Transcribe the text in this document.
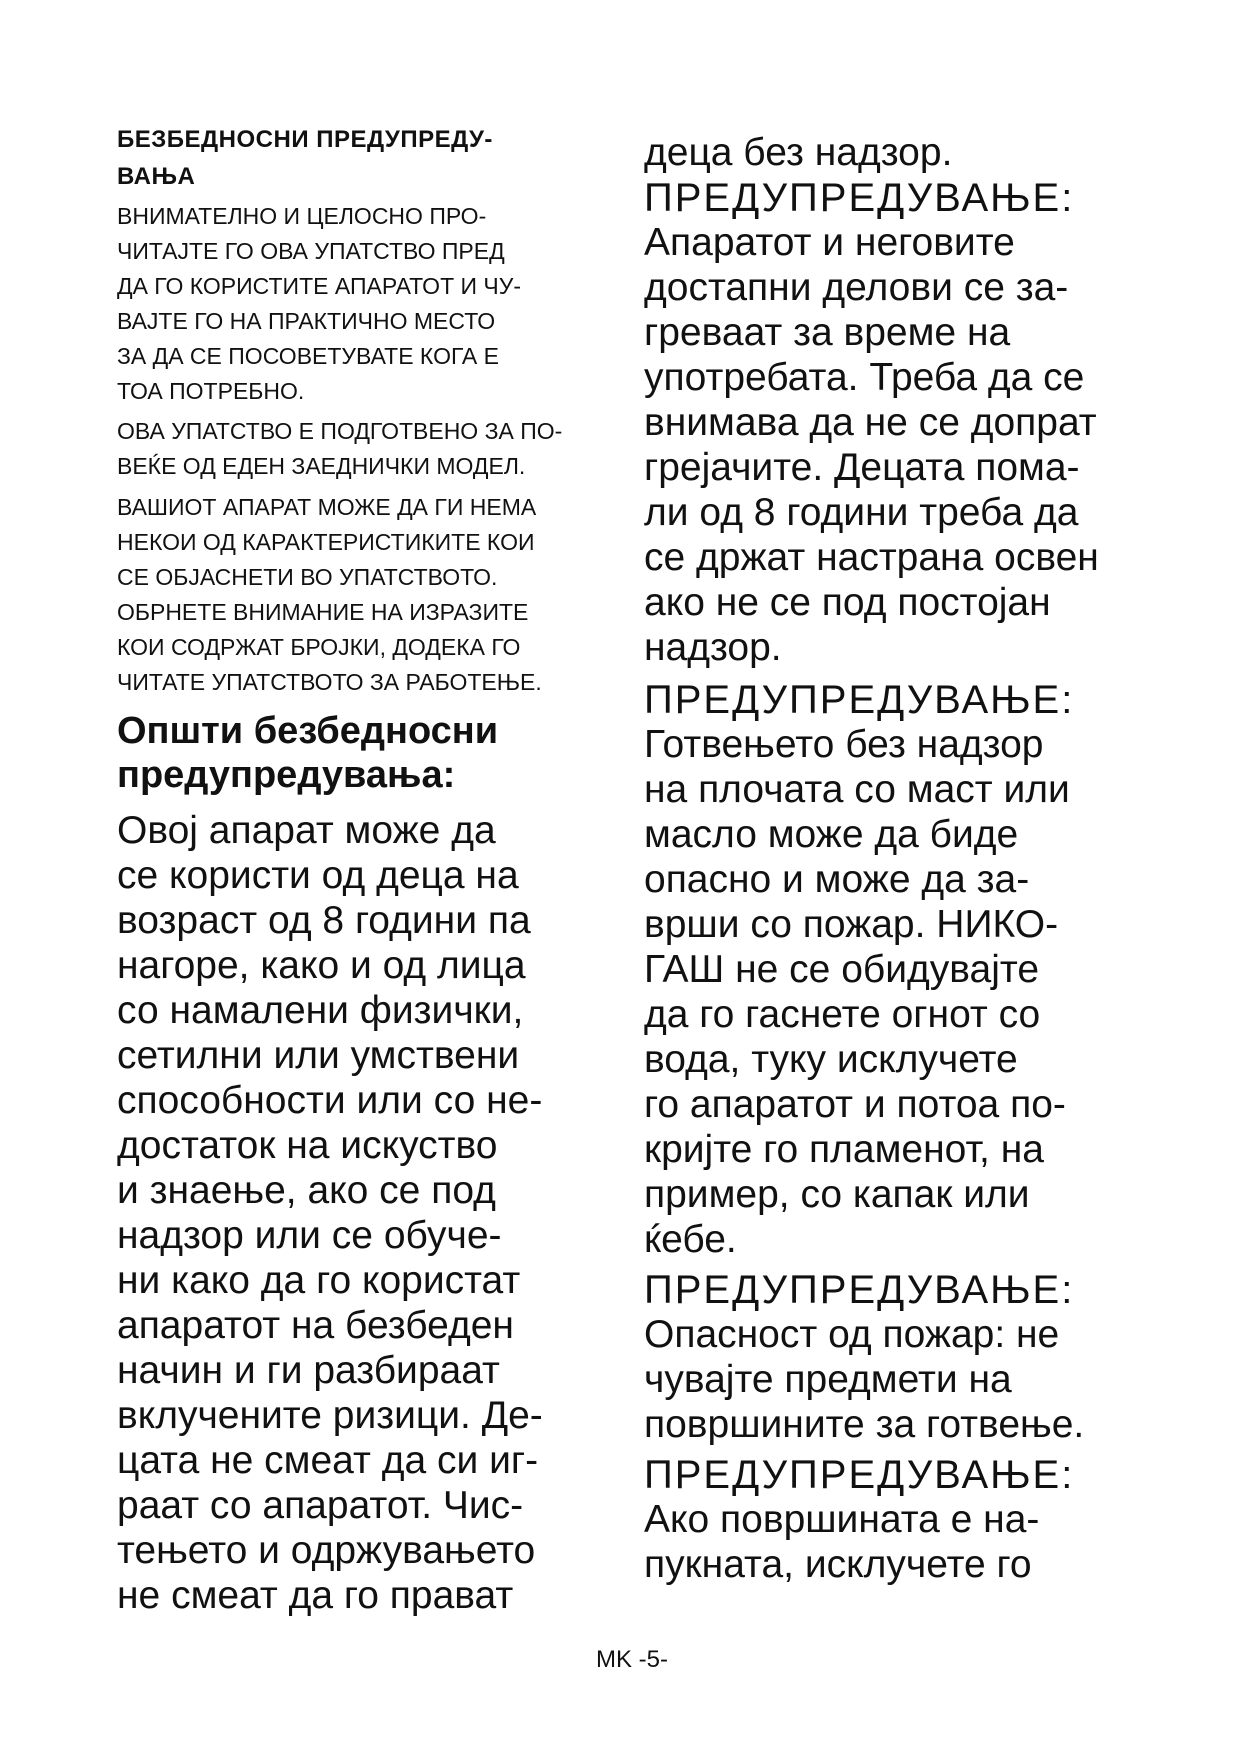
БЕЗБЕДНОСНИ ПРЕДУПРЕДУ-
ВАЊА
ВНИМАТЕЛНО И ЦЕЛОСНО ПРО-
ЧИТАЈТЕ ГО ОВА УПАТСТВО ПРЕД
ДА ГО КОРИСТИТЕ АПАРАТОТ И ЧУ-
ВАЈТЕ ГО НА ПРАКТИЧНО МЕСТО
ЗА ДА СЕ ПОСОВЕТУВАТЕ КОГА Е
ТОА ПОТРЕБНО.
ОВА УПАТСТВО Е ПОДГОТВЕНО ЗА ПО-
ВЕЌЕ ОД ЕДЕН ЗАЕДНИЧКИ МОДЕЛ.
ВАШИОТ АПАРАТ МОЖЕ ДА ГИ НЕМА
НЕКОИ ОД КАРАКТЕРИСТИКИТЕ КОИ
СЕ ОБЈАСНЕТИ ВО УПАТСТВОТО.
ОБРНЕТЕ ВНИМАНИЕ НА ИЗРАЗИТЕ
КОИ СОДРЖАТ БРОЈКИ, ДОДЕКА ГО
ЧИТАТЕ УПАТСТВОТО ЗА РАБОТЕЊЕ.
Општи безбедносни
предупредувања:
Овој апарат може да
се користи од деца на
возраст од 8 години па
нагоре, како и од лица
со намалени физички,
сетилни или умствени
способности или со не-
достаток на искуство
и знаење, ако се под
надзор или се обуче-
ни како да го користат
апаратот на безбеден
начин и ги разбираат
вклучените ризици. Де-
цата не смеат да си иг-
раат со апаратот. Чис-
тењето и одржувањето
не смеат да го прават
деца без надзор.
ПРЕДУПРЕДУВАЊЕ:
Апаратот и неговите
достапни делови се за-
греваат за време на
употребата. Треба да се
внимава да не се допрат
грејачите. Децата пома-
ли од 8 години треба да
се држат настрана освен
ако не се под постојан
надзор.
ПРЕДУПРЕДУВАЊЕ:
Готвењето без надзор
на плочата со маст или
масло може да биде
опасно и може да за-
врши со пожар. НИКО-
ГАШ не се обидувајте
да го гаснете огнот со
вода, туку исклучете
го апаратот и потоа по-
кријте го пламенот, на
пример, со капак или
ќебе.
ПРЕДУПРЕДУВАЊЕ:
Опасност од пожар: не
чувајте предмети на
површините за готвење.
ПРЕДУПРЕДУВАЊЕ:
Ако површината е на-
пукната, исклучете го
MK -5-
